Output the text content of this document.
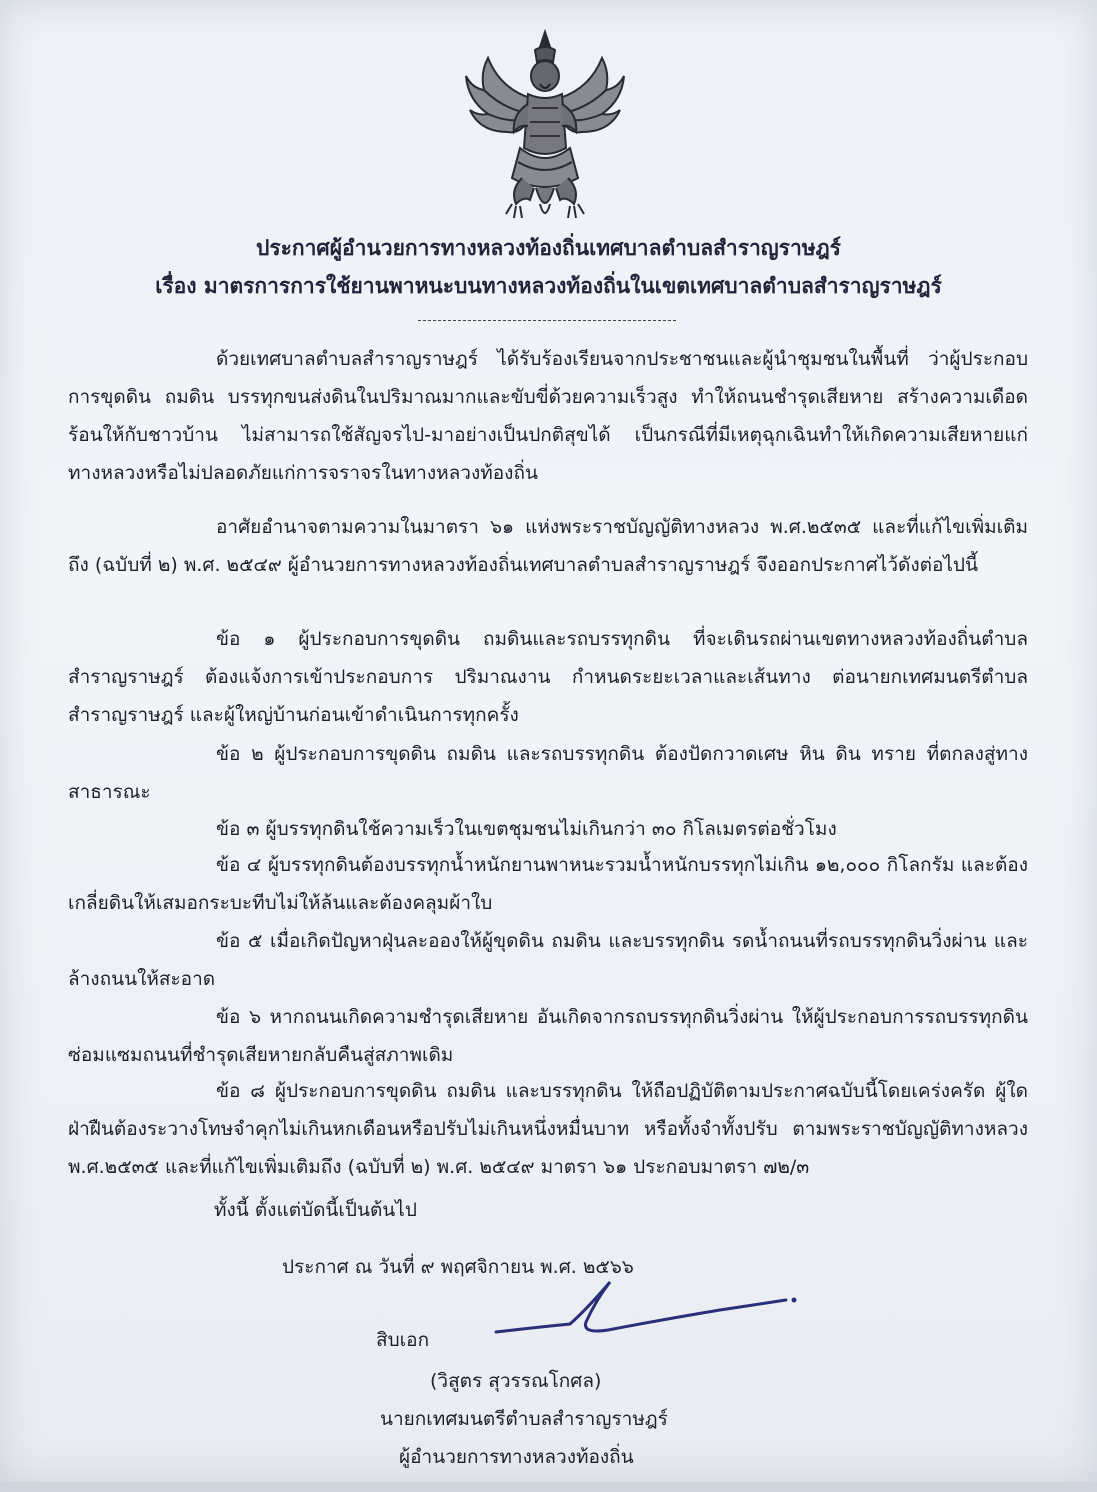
ประกาศผู้อำนวยการทางหลวงท้องถิ่นเทศบาลตำบลสำราญราษฎร์
เรื่อง มาตรการการใช้ยานพาหนะบนทางหลวงท้องถิ่นในเขตเทศบาลตำบลสำราญราษฎร์
ด้วยเทศบาลตำบลสำราญราษฎร์ ได้รับร้องเรียนจากประชาชนและผู้นำชุมชนในพื้นที่ ว่าผู้ประกอบการขุดดิน ถมดิน บรรทุกขนส่งดินในปริมาณมากและขับขี่ด้วยความเร็วสูง ทำให้ถนนชำรุดเสียหาย สร้างความเดือดร้อนให้กับชาวบ้าน ไม่สามารถใช้สัญจรไป-มาอย่างเป็นปกติสุขได้ เป็นกรณีที่มีเหตุฉุกเฉินทำให้เกิดความเสียหายแก่ทางหลวงหรือไม่ปลอดภัยแก่การจราจรในทางหลวงท้องถิ่น
อาศัยอำนาจตามความในมาตรา ๖๑ แห่งพระราชบัญญัติทางหลวง พ.ศ.๒๕๓๕ และที่แก้ไขเพิ่มเติมถึง (ฉบับที่ ๒) พ.ศ. ๒๕๔๙ ผู้อำนวยการทางหลวงท้องถิ่นเทศบาลตำบลสำราญราษฎร์ จึงออกประกาศไว้ดังต่อไปนี้
ข้อ ๑ ผู้ประกอบการขุดดิน ถมดินและรถบรรทุกดิน ที่จะเดินรถผ่านเขตทางหลวงท้องถิ่นตำบลสำราญราษฎร์ ต้องแจ้งการเข้าประกอบการ ปริมาณงาน กำหนดระยะเวลาและเส้นทาง ต่อนายกเทศมนตรีตำบลสำราญราษฎร์ และผู้ใหญ่บ้านก่อนเข้าดำเนินการทุกครั้ง
ข้อ ๒ ผู้ประกอบการขุดดิน ถมดิน และรถบรรทุกดิน ต้องปัดกวาดเศษ หิน ดิน ทราย ที่ตกลงสู่ทางสาธารณะ
ข้อ ๓ ผู้บรรทุกดินใช้ความเร็วในเขตชุมชนไม่เกินกว่า ๓๐ กิโลเมตรต่อชั่วโมง
ข้อ ๔ ผู้บรรทุกดินต้องบรรทุกน้ำหนักยานพาหนะรวมน้ำหนักบรรทุกไม่เกิน ๑๒,๐๐๐ กิโลกรัม และต้องเกลี่ยดินให้เสมอกระบะทีบไม่ให้ล้นและต้องคลุมผ้าใบ
ข้อ ๕ เมื่อเกิดปัญหาฝุ่นละอองให้ผู้ขุดดิน ถมดิน และบรรทุกดิน รดน้ำถนนที่รถบรรทุกดินวิ่งผ่าน และล้างถนนให้สะอาด
ข้อ ๖ หากถนนเกิดความชำรุดเสียหาย อันเกิดจากรถบรรทุกดินวิ่งผ่าน ให้ผู้ประกอบการรถบรรทุกดินซ่อมแซมถนนที่ชำรุดเสียหายกลับคืนสู่สภาพเดิม
ข้อ ๘ ผู้ประกอบการขุดดิน ถมดิน และบรรทุกดิน ให้ถือปฏิบัติตามประกาศฉบับนี้โดยเคร่งครัด ผู้ใดฝ่าฝืนต้องระวางโทษจำคุกไม่เกินหกเดือนหรือปรับไม่เกินหนึ่งหมื่นบาท หรือทั้งจำทั้งปรับ ตามพระราชบัญญัติทางหลวง พ.ศ.๒๕๓๕ และที่แก้ไขเพิ่มเติมถึง (ฉบับที่ ๒) พ.ศ. ๒๕๔๙ มาตรา ๖๑ ประกอบมาตรา ๗๒/๓
ทั้งนี้ ตั้งแต่บัดนี้เป็นต้นไป
ประกาศ ณ วันที่ ๙ พฤศจิกายน พ.ศ. ๒๕๖๖
สิบเอก
(วิสูตร สุวรรณโกศล)
นายกเทศมนตรีตำบลสำราญราษฎร์
ผู้อำนวยการทางหลวงท้องถิ่น
